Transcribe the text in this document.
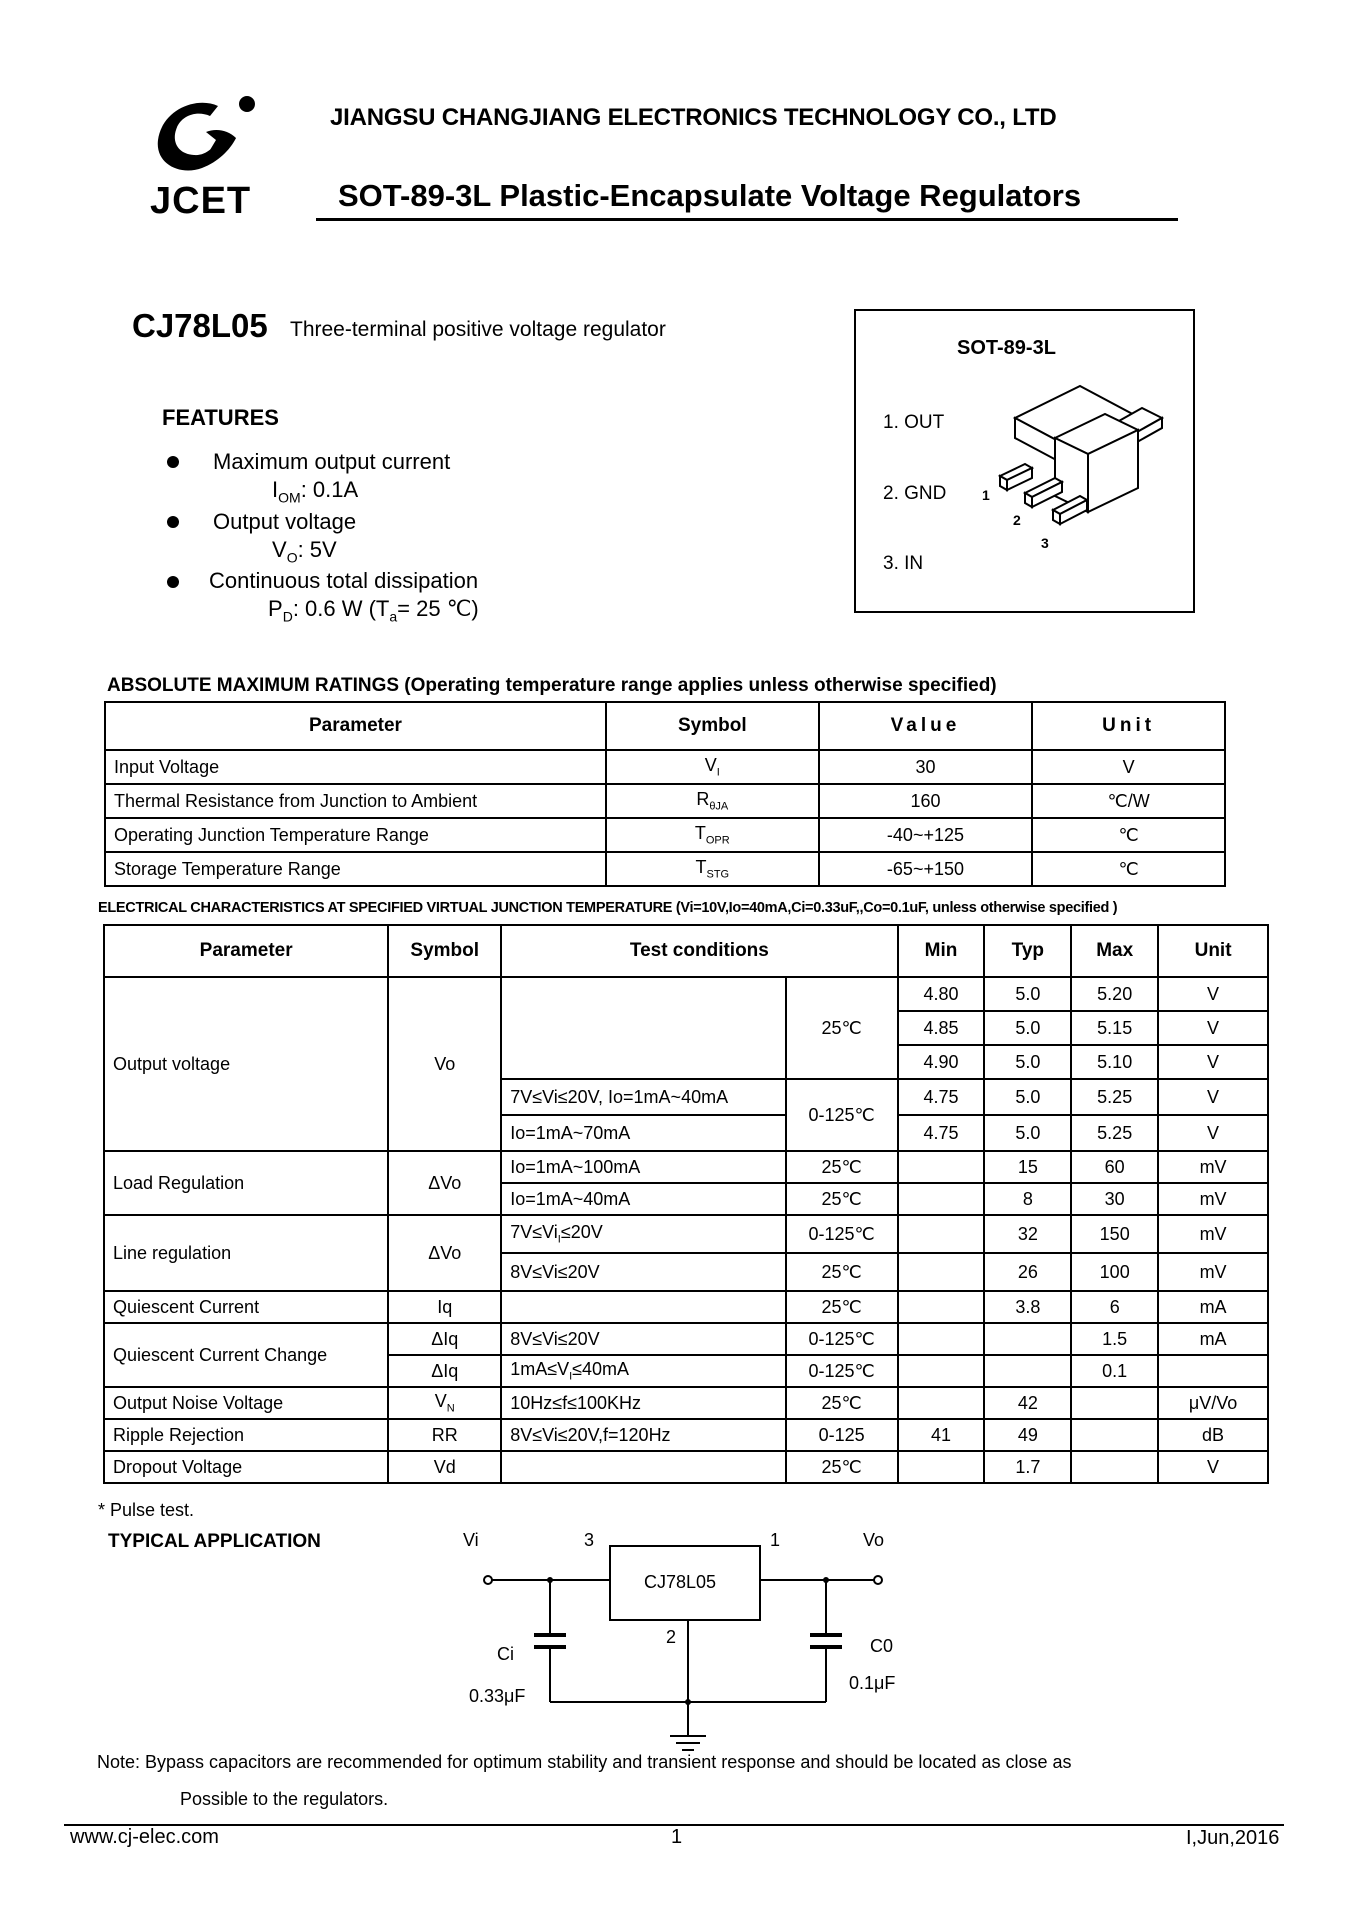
JCET
JIANGSU CHANGJIANG ELECTRONICS TECHNOLOGY CO., LTD
SOT-89-3L Plastic-Encapsulate Voltage Regulators
CJ78L05 Three-terminal positive voltage regulator
FEATURES
Maximum output current
$I_{OM}$: 0.1A
Output voltage
$V_O$: 5V
Continuous total dissipation
$P_D$: 0.6 W ($T_a= 25$ ℃)
SOT-89-3L
1. OUT
2. GND
3. IN
1
2
3
ABSOLUTE MAXIMUM RATINGS (Operating temperature range applies unless otherwise specified)
Parameter	Symbol	Value	Unit
Input Voltage	$V_I$	30	V
Thermal Resistance from Junction to Ambient	$R_{\theta JA}$	160	℃/W
Operating Junction Temperature Range	$T_{OPR}$	-40~+125	℃
Storage Temperature Range	$T_{STG}$	-65~+150	℃
ELECTRICAL CHARACTERISTICS AT SPECIFIED VIRTUAL JUNCTION TEMPERATURE (Vi=10V,Io=40mA,Ci=0.33uF,,Co=0.1uF, unless otherwise specified )
Parameter	Symbol	Test conditions		Min	Typ	Max	Unit
Output voltage	Vo		25℃	4.80	5.0	5.20	V
				4.85	5.0	5.15	V
				4.90	5.0	5.10	V
		7V≤Vi≤20V, Io=1mA~40mA	0-125℃	4.75	5.0	5.25	V
		Io=1mA~70mA		4.75	5.0	5.25	V
Load Regulation	ΔVo	Io=1mA~100mA	25℃		15	60	mV
		Io=1mA~40mA	25℃		8	30	mV
Line regulation	ΔVo	$7V\le Vi_I\le 20V$	0-125℃		32	150	mV
		8V≤Vi≤20V	25℃		26	100	mV
Quiescent Current	Iq		25℃		3.8	6	mA
Quiescent Current Change	ΔIq	8V≤Vi≤20V	0-125℃			1.5	mA
	ΔIq	$1mA\le V_I\le 40mA$	0-125℃			0.1	
Output Noise Voltage	$V_N$	10Hz≤f≤100KHz	25℃		42		μV/Vo
Ripple Rejection	RR	8V≤Vi≤20V,f=120Hz	0-125	41	49		dB
Dropout Voltage	Vd		25℃		1.7		V
* Pulse test.
TYPICAL APPLICATION	Vi	3	1	Vo
CJ78L05
2
Ci
0.33μF
C0
0.1μF
Note: Bypass capacitors are recommended for optimum stability and transient response and should be located as close as
Possible to the regulators.
www.cj-elec.com	1	I,Jun,2016
